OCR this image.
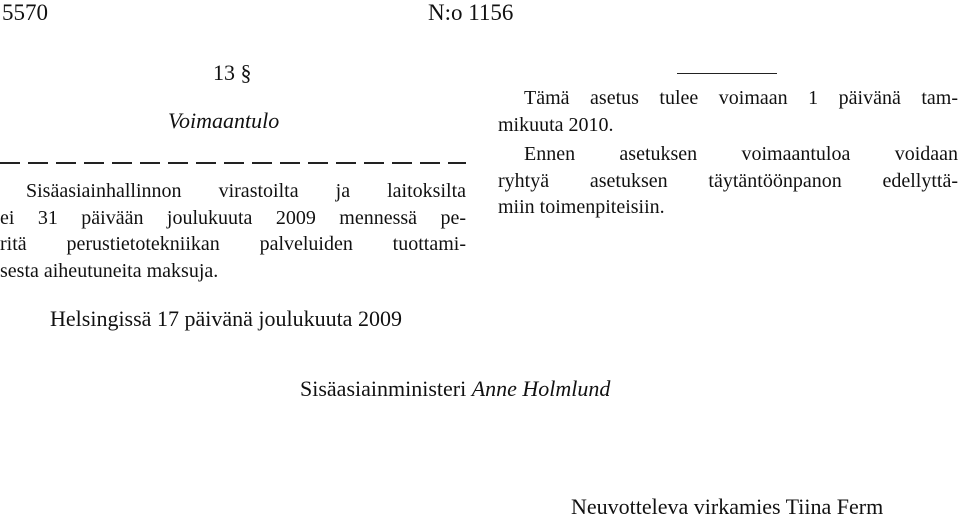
5570	N:o 1156
13 §
Voimaantulo
Sisäasiainhallinnon virastoilta ja laitoksilta
ei 31 päivään joulukuuta 2009 mennessä pe-
ritä perustietotekniikan palveluiden tuottami-
sesta aiheutuneita maksuja.
Tämä asetus tulee voimaan 1 päivänä tam-
mikuuta 2010.
Ennen asetuksen voimaantuloa voidaan
ryhtyä asetuksen täytäntöönpanon edellyttä-
miin toimenpiteisiin.
Helsingissä 17 päivänä joulukuuta 2009
Sisäasiainministeri Anne Holmlund
Neuvotteleva virkamies Tiina Ferm
